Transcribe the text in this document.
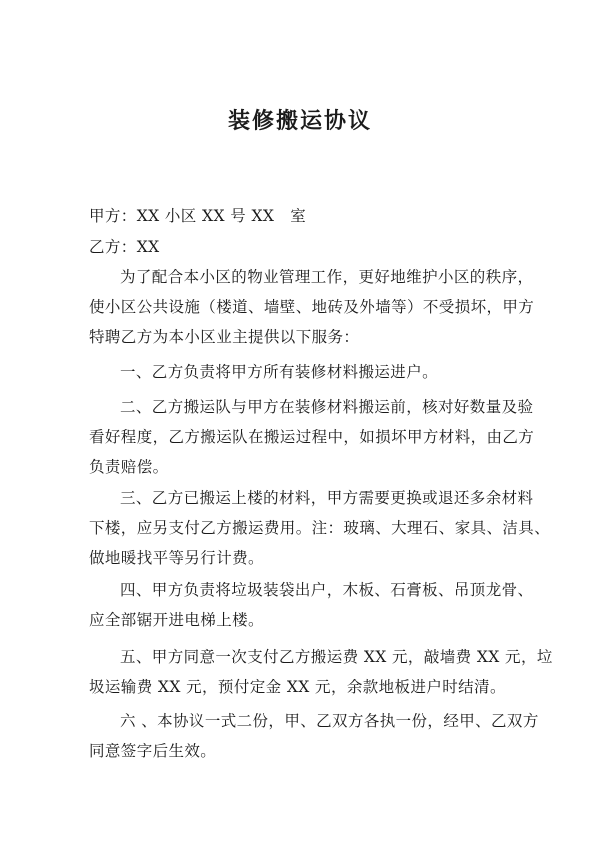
装修搬运协议
甲方：XX 小区 XX 号 XX　室
乙方：XX
为了配合本小区的物业管理工作，更好地维护小区的秩序，
使小区公共设施（楼道、墙壁、地砖及外墙等）不受损坏，甲方
特聘乙方为本小区业主提供以下服务：
一、乙方负责将甲方所有装修材料搬运进户。
二、乙方搬运队与甲方在装修材料搬运前，核对好数量及验
看好程度，乙方搬运队在搬运过程中，如损坏甲方材料，由乙方
负责赔偿。
三、乙方已搬运上楼的材料，甲方需要更换或退还多余材料
下楼，应另支付乙方搬运费用。注：玻璃、大理石、家具、洁具、
做地暖找平等另行计费。
四、甲方负责将垃圾装袋出户，木板、石膏板、吊顶龙骨、
应全部锯开进电梯上楼。
五、甲方同意一次支付乙方搬运费 XX 元，敲墙费 XX 元，垃
圾运输费 XX 元，预付定金 XX 元，余款地板进户时结清。
六 、本协议一式二份，甲、乙双方各执一份，经甲、乙双方
同意签字后生效。
